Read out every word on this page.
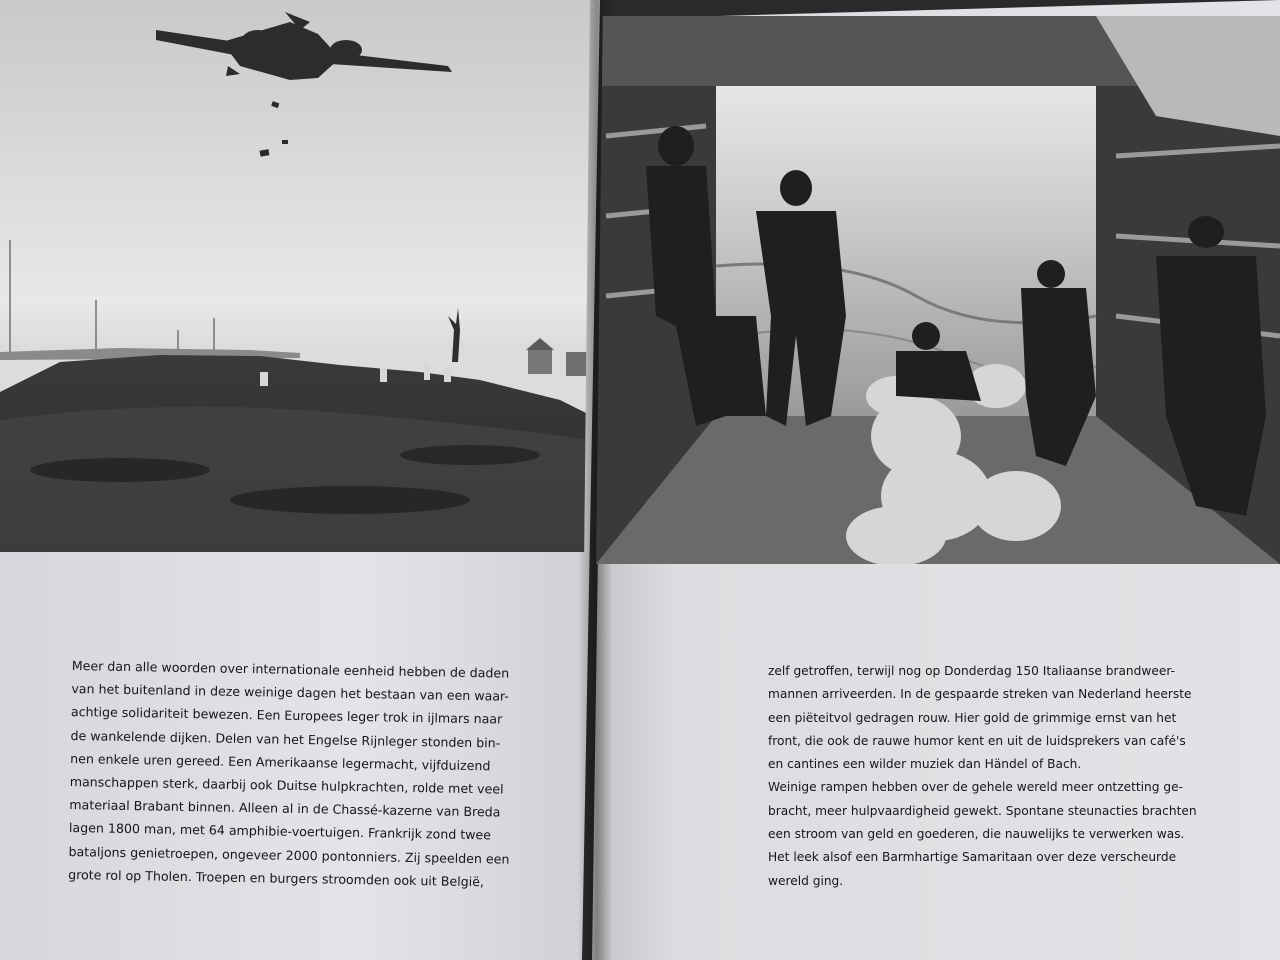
Meer dan alle woorden over internationale eenheid hebben de daden
van het buitenland in deze weinige dagen het bestaan van een waar-
achtige solidariteit bewezen. Een Europees leger trok in ijlmars naar
de wankelende dijken. Delen van het Engelse Rijnleger stonden bin-
nen enkele uren gereed. Een Amerikaanse legermacht, vijfduizend
manschappen sterk, daarbij ook Duitse hulpkrachten, rolde met veel
materiaal Brabant binnen. Alleen al in de Chassé-kazerne van Breda
lagen 1800 man, met 64 amphibie-voertuigen. Frankrijk zond twee
bataljons genietroepen, ongeveer 2000 pontonniers. Zij speelden een
grote rol op Tholen. Troepen en burgers stroomden ook uit België,
zelf getroffen, terwijl nog op Donderdag 150 Italiaanse brandweer-
mannen arriveerden. In de gespaarde streken van Nederland heerste
een piëteitvol gedragen rouw. Hier gold de grimmige ernst van het
front, die ook de rauwe humor kent en uit de luidsprekers van café's
en cantines een wilder muziek dan Händel of Bach.
Weinige rampen hebben over de gehele wereld meer ontzetting ge-
bracht, meer hulpvaardigheid gewekt. Spontane steunacties brachten
een stroom van geld en goederen, die nauwelijks te verwerken was.
Het leek alsof een Barmhartige Samaritaan over deze verscheurde
wereld ging.
